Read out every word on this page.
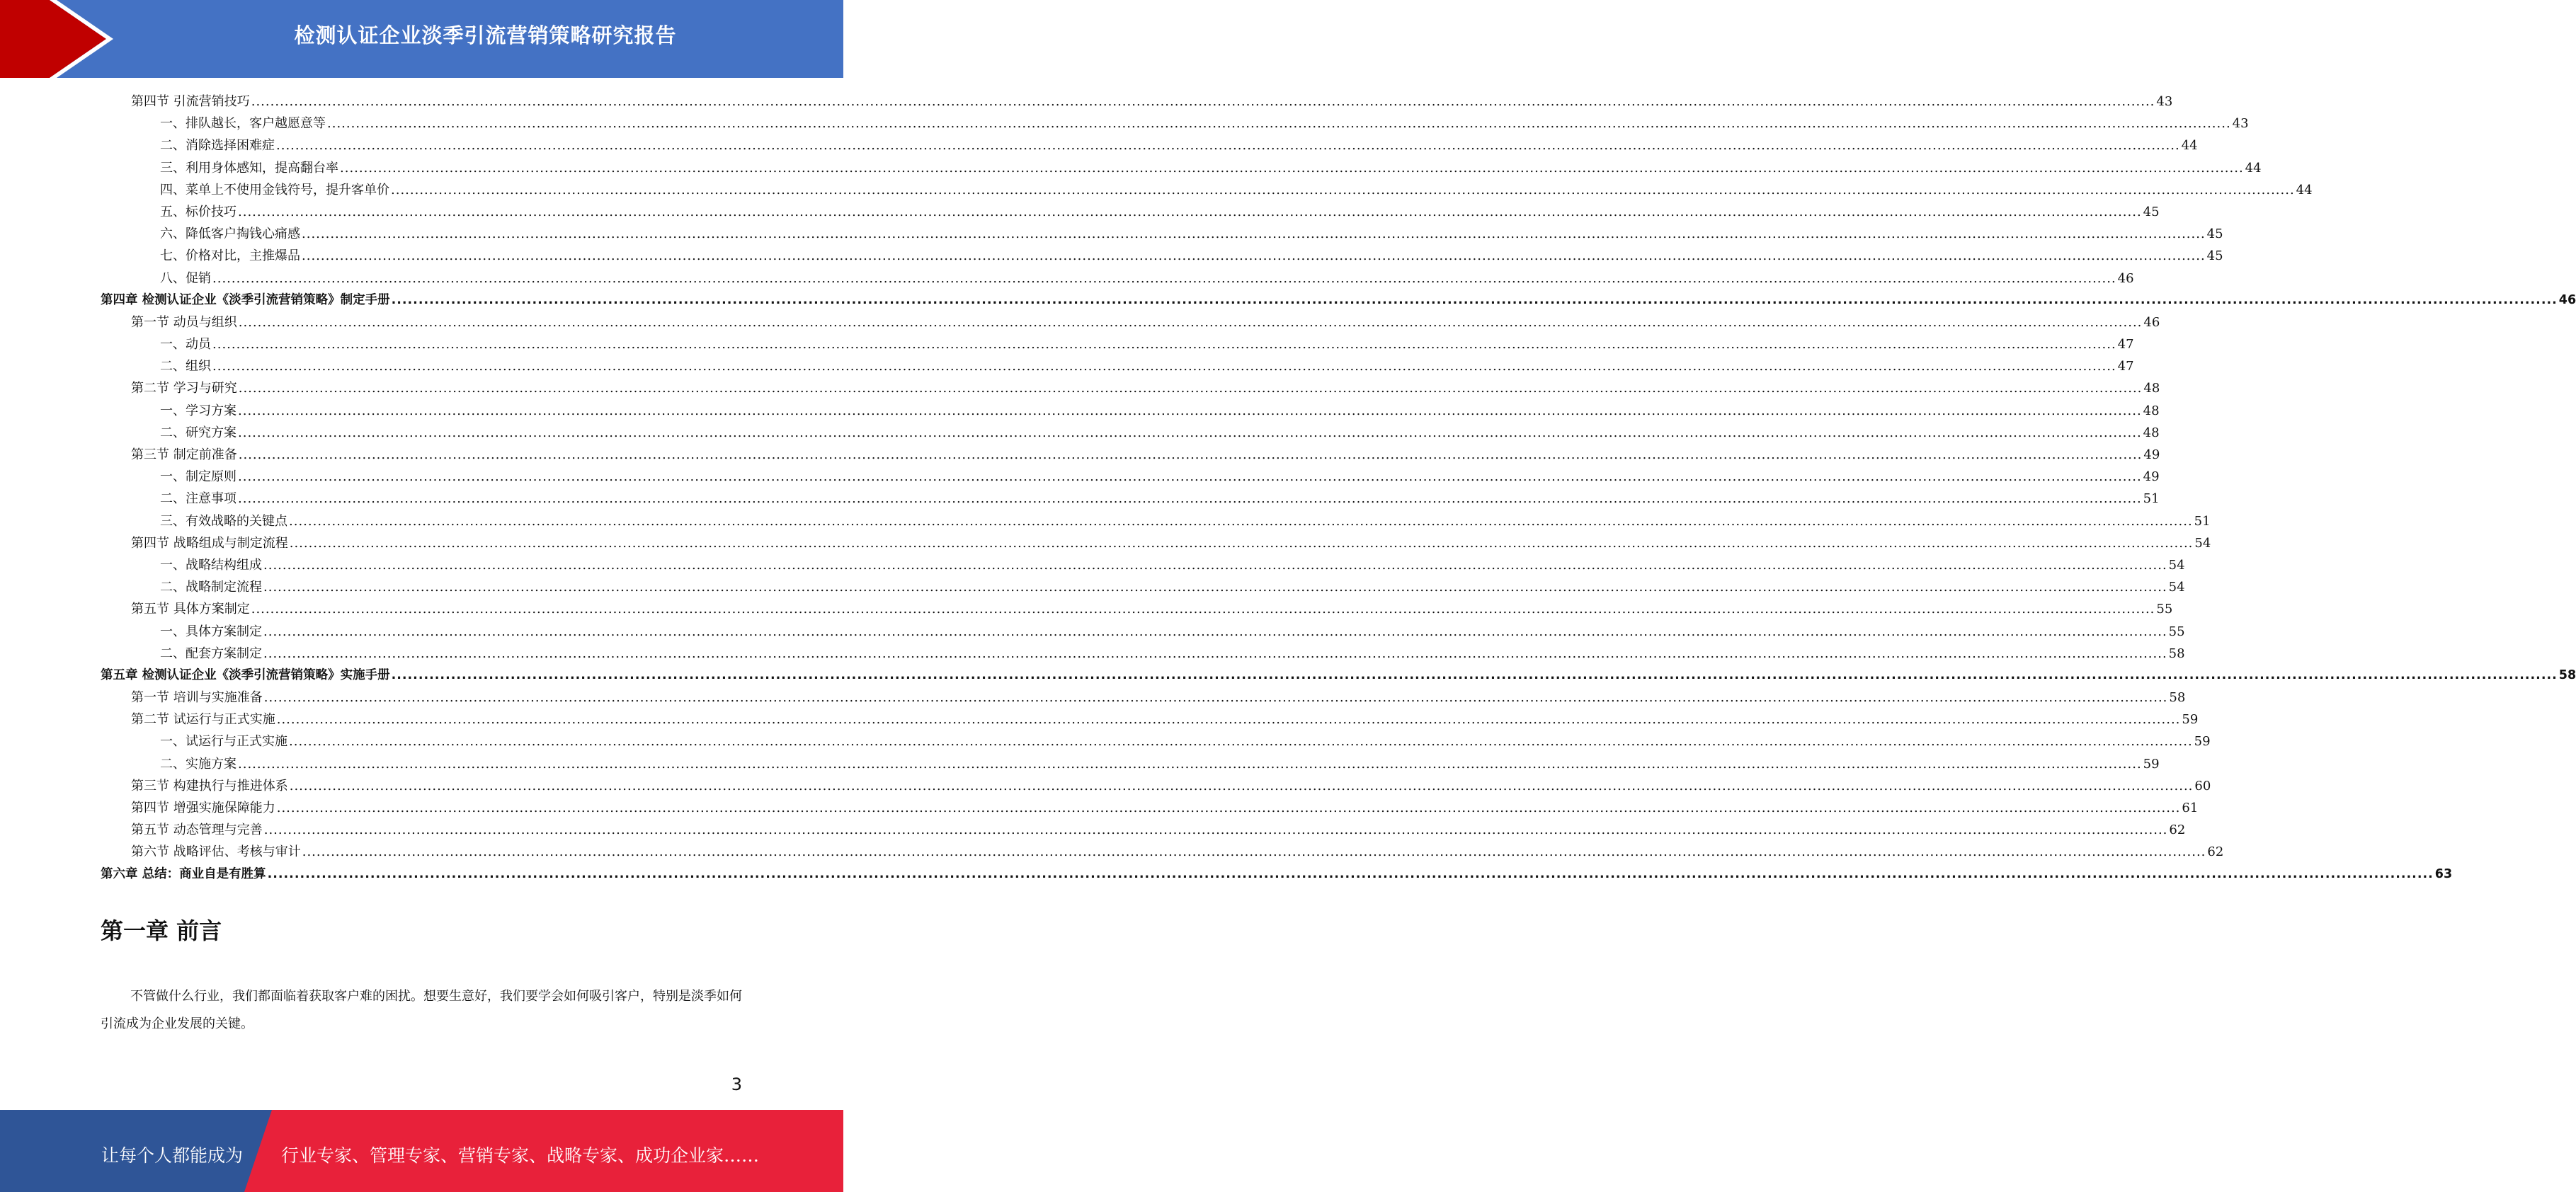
检测认证企业淡季引流营销策略研究报告
第四节 引流营销技巧 ................................................................................................................................................................................................................................................................................................................................................................................................................ 43
一、排队越长，客户越愿意等 ................................................................................................................................................................................................................................................................................................................................................................................................................ 43
二、消除选择困难症 ................................................................................................................................................................................................................................................................................................................................................................................................................ 44
三、利用身体感知，提高翻台率 ................................................................................................................................................................................................................................................................................................................................................................................................................ 44
四、菜单上不使用金钱符号，提升客单价 ................................................................................................................................................................................................................................................................................................................................................................................................................ 44
五、标价技巧 ................................................................................................................................................................................................................................................................................................................................................................................................................ 45
六、降低客户掏钱心痛感 ................................................................................................................................................................................................................................................................................................................................................................................................................ 45
七、价格对比，主推爆品 ................................................................................................................................................................................................................................................................................................................................................................................................................ 45
八、促销 ................................................................................................................................................................................................................................................................................................................................................................................................................ 46
第四章 检测认证企业《淡季引流营销策略》制定手册 ................................................................................................................................................................................................................................................................................................................................................................................................................ 46
第一节 动员与组织 ................................................................................................................................................................................................................................................................................................................................................................................................................ 46
一、动员 ................................................................................................................................................................................................................................................................................................................................................................................................................ 47
二、组织 ................................................................................................................................................................................................................................................................................................................................................................................................................ 47
第二节 学习与研究 ................................................................................................................................................................................................................................................................................................................................................................................................................ 48
一、学习方案 ................................................................................................................................................................................................................................................................................................................................................................................................................ 48
二、研究方案 ................................................................................................................................................................................................................................................................................................................................................................................................................ 48
第三节 制定前准备 ................................................................................................................................................................................................................................................................................................................................................................................................................ 49
一、制定原则 ................................................................................................................................................................................................................................................................................................................................................................................................................ 49
二、注意事项 ................................................................................................................................................................................................................................................................................................................................................................................................................ 51
三、有效战略的关键点 ................................................................................................................................................................................................................................................................................................................................................................................................................ 51
第四节 战略组成与制定流程 ................................................................................................................................................................................................................................................................................................................................................................................................................ 54
一、战略结构组成 ................................................................................................................................................................................................................................................................................................................................................................................................................ 54
二、战略制定流程 ................................................................................................................................................................................................................................................................................................................................................................................................................ 54
第五节 具体方案制定 ................................................................................................................................................................................................................................................................................................................................................................................................................ 55
一、具体方案制定 ................................................................................................................................................................................................................................................................................................................................................................................................................ 55
二、配套方案制定 ................................................................................................................................................................................................................................................................................................................................................................................................................ 58
第五章 检测认证企业《淡季引流营销策略》实施手册 ................................................................................................................................................................................................................................................................................................................................................................................................................ 58
第一节 培训与实施准备 ................................................................................................................................................................................................................................................................................................................................................................................................................ 58
第二节 试运行与正式实施 ................................................................................................................................................................................................................................................................................................................................................................................................................ 59
一、试运行与正式实施 ................................................................................................................................................................................................................................................................................................................................................................................................................ 59
二、实施方案 ................................................................................................................................................................................................................................................................................................................................................................................................................ 59
第三节 构建执行与推进体系 ................................................................................................................................................................................................................................................................................................................................................................................................................ 60
第四节 增强实施保障能力 ................................................................................................................................................................................................................................................................................................................................................................................................................ 61
第五节 动态管理与完善 ................................................................................................................................................................................................................................................................................................................................................................................................................ 62
第六节 战略评估、考核与审计 ................................................................................................................................................................................................................................................................................................................................................................................................................ 62
第六章 总结：商业自是有胜算 ................................................................................................................................................................................................................................................................................................................................................................................................................ 63
第一章 前言

不管做什么行业，我们都面临着获取客户难的困扰。想要生意好，我们要学会如何吸引客户，特别是淡季如何引流成为企业发展的关键。

3
让每个人都能成为 行业专家、管理专家、营销专家、战略专家、成功企业家……
